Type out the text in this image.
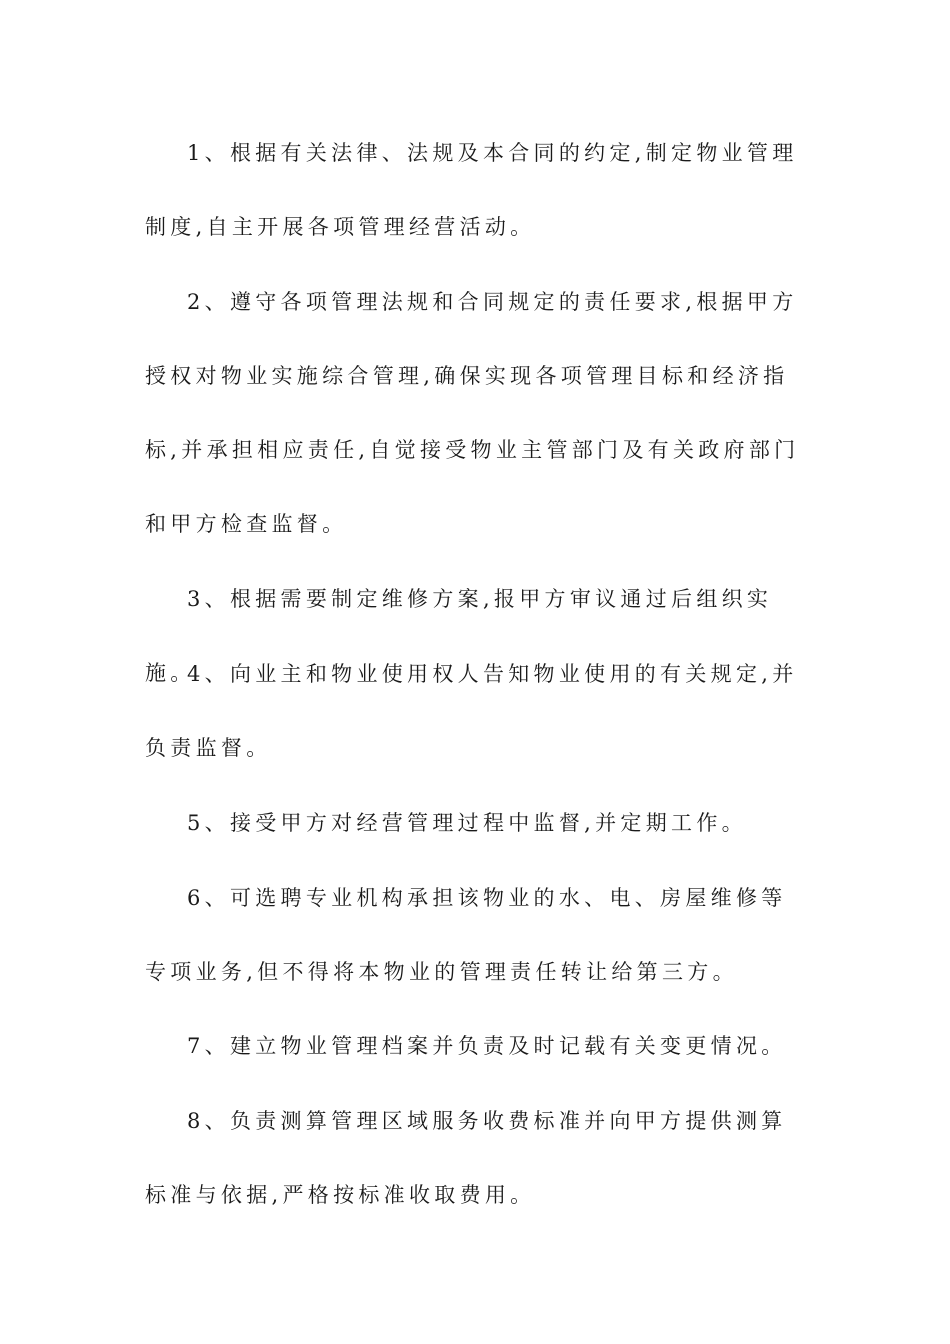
1、根据有关法律、法规及本合同的约定,制定物业管理制度,自主开展各项管理经营活动。

2、遵守各项管理法规和合同规定的责任要求,根据甲方授权对物业实施综合管理,确保实现各项管理目标和经济指标,并承担相应责任,自觉接受物业主管部门及有关政府部门和甲方检查监督。

3、根据需要制定维修方案,报甲方审议通过后组织实施。

4、向业主和物业使用权人告知物业使用的有关规定,并负责监督。

5、接受甲方对经营管理过程中监督,并定期工作。

6、可选聘专业机构承担该物业的水、电、房屋维修等专项业务,但不得将本物业的管理责任转让给第三方。

7、建立物业管理档案并负责及时记载有关变更情况。

8、负责测算管理区域服务收费标准并向甲方提供测算标准与依据,严格按标准收取费用。
